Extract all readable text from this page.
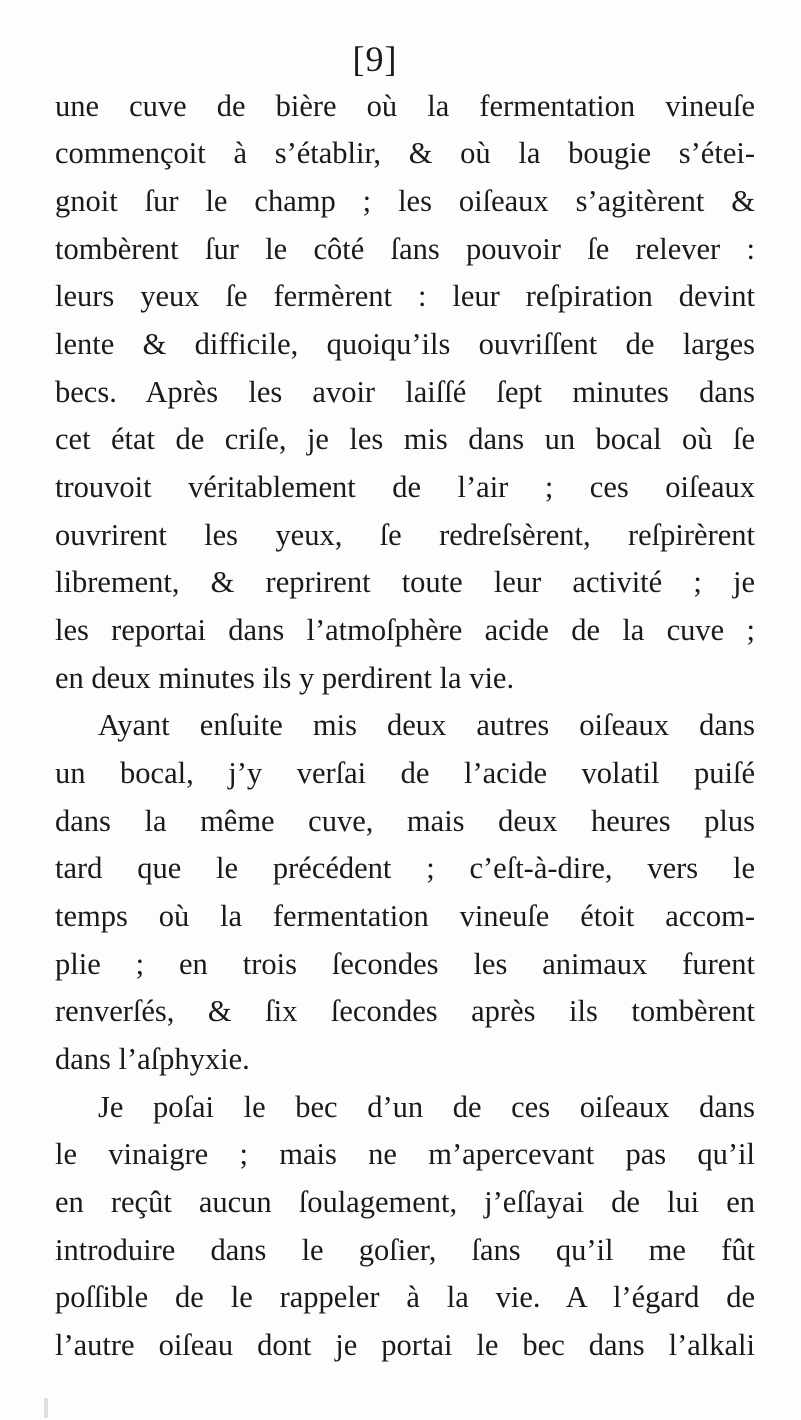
[9]
une cuve de bière où la fermentation vineuſe
commençoit à s’établir, & où la bougie s’étei-
gnoit ſur le champ ; les oiſeaux s’agitèrent &
tombèrent ſur le côté ſans pouvoir ſe relever :
leurs yeux ſe fermèrent : leur reſpiration devint
lente & difficile, quoiqu’ils ouvriſſent de larges
becs. Après les avoir laiſſé ſept minutes dans
cet état de criſe, je les mis dans un bocal où ſe
trouvoit véritablement de l’air ; ces oiſeaux
ouvrirent les yeux, ſe redreſsèrent, reſpirèrent
librement, & reprirent toute leur activité ; je
les reportai dans l’atmoſphère acide de la cuve ;
en deux minutes ils y perdirent la vie.
Ayant enſuite mis deux autres oiſeaux dans
un bocal, j’y verſai de l’acide volatil puiſé
dans la même cuve, mais deux heures plus
tard que le précédent ; c’eſt-à-dire, vers le
temps où la fermentation vineuſe étoit accom-
plie ; en trois ſecondes les animaux furent
renverſés, & ſix ſecondes après ils tombèrent
dans l’aſphyxie.
Je poſai le bec d’un de ces oiſeaux dans
le vinaigre ; mais ne m’apercevant pas qu’il
en reçût aucun ſoulagement, j’eſſayai de lui en
introduire dans le goſier, ſans qu’il me fût
poſſible de le rappeler à la vie. A l’égard de
l’autre oiſeau dont je portai le bec dans l’alkali
